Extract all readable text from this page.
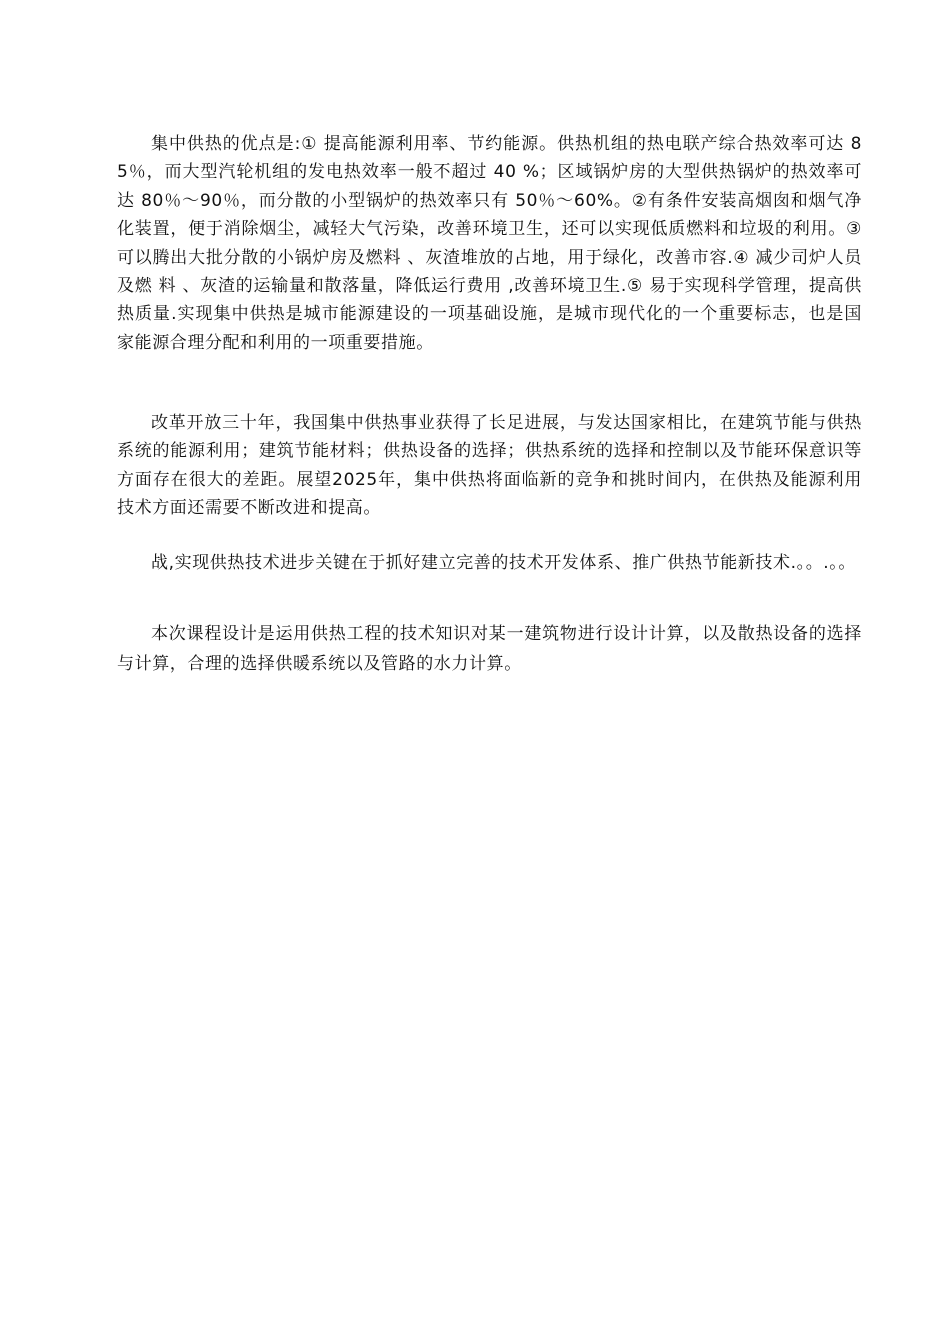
集中供热的优点是:① 提高能源利用率、节约能源。供热机组的热电联产综合热效率可达 85％，而大型汽轮机组的发电热效率一般不超过 40 %；区域锅炉房的大型供热锅炉的热效率可达 80％～90％，而分散的小型锅炉的热效率只有 50％～60%。②有条件安装高烟囱和烟气净化装置，便于消除烟尘，减轻大气污染，改善环境卫生，还可以实现低质燃料和垃圾的利用。③可以腾出大批分散的小锅炉房及燃料 、灰渣堆放的占地，用于绿化，改善市容.④ 减少司炉人员及燃 料 、灰渣的运输量和散落量，降低运行费用 ,改善环境卫生.⑤ 易于实现科学管理，提高供热质量.实现集中供热是城市能源建设的一项基础设施，是城市现代化的一个重要标志，也是国家能源合理分配和利用的一项重要措施。

改革开放三十年，我国集中供热事业获得了长足进展，与发达国家相比，在建筑节能与供热系统的能源利用；建筑节能材料；供热设备的选择；供热系统的选择和控制以及节能环保意识等方面存在很大的差距。展望2025年，集中供热将面临新的竞争和挑时间内，在供热及能源利用技术方面还需要不断改进和提高。

战,实现供热技术进步关键在于抓好建立完善的技术开发体系、推广供热节能新技术.。。.。。

本次课程设计是运用供热工程的技术知识对某一建筑物进行设计计算，以及散热设备的选择与计算，合理的选择供暖系统以及管路的水力计算。
